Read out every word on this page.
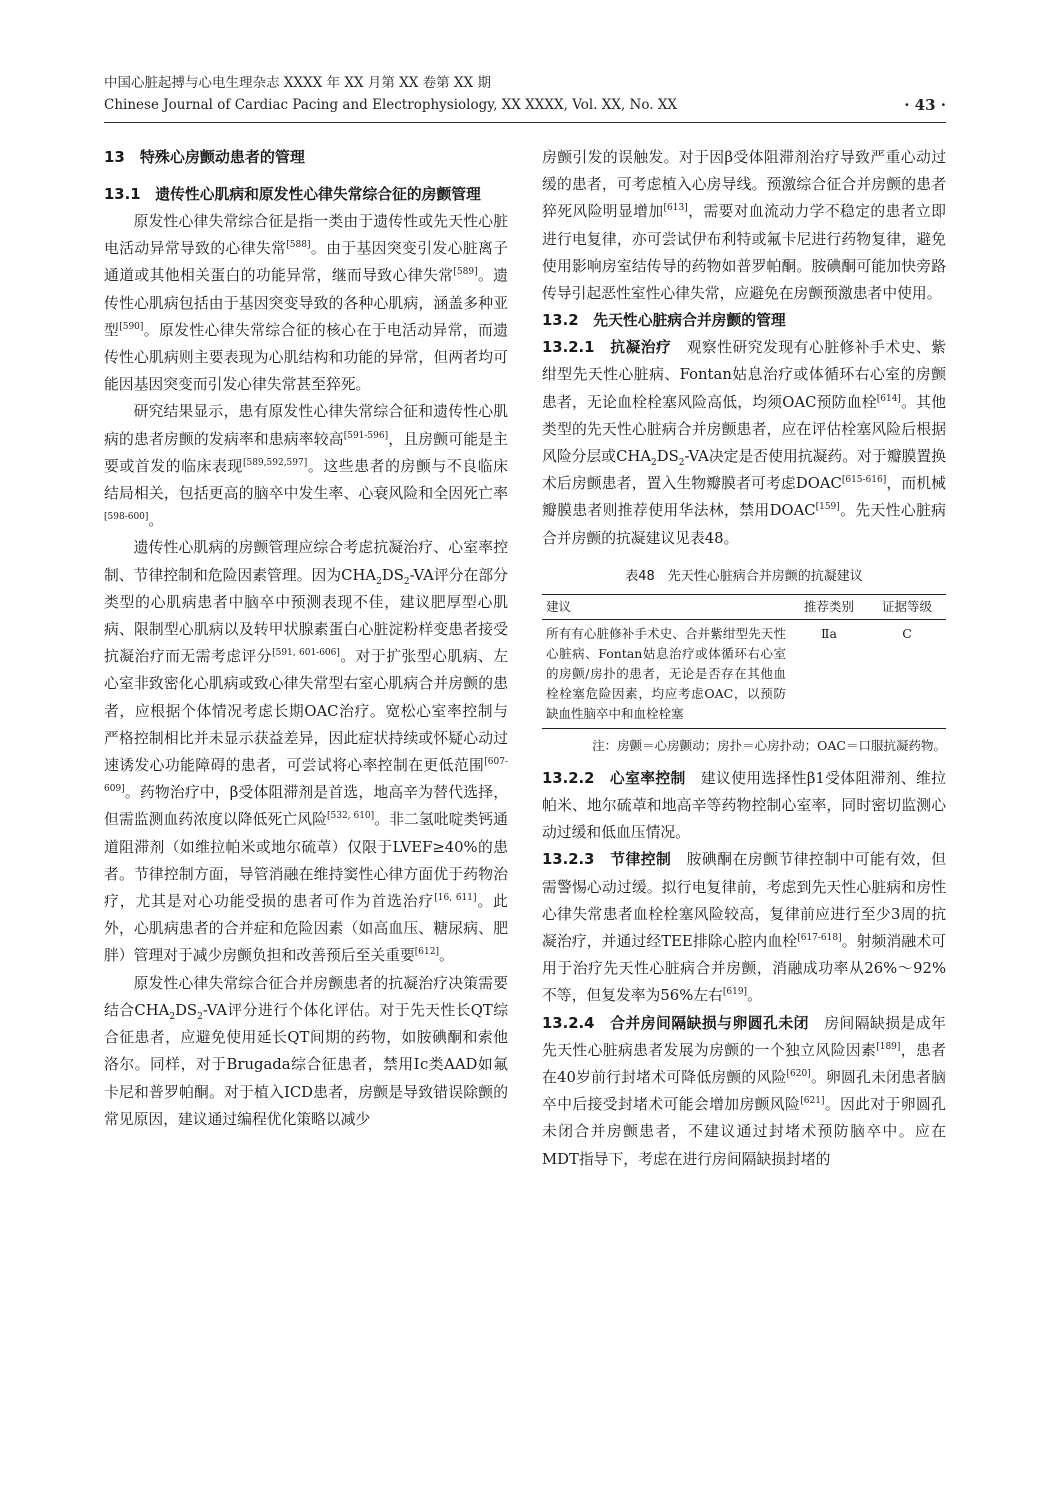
中国心脏起搏与心电生理杂志 XXXX 年 XX 月第 XX 卷第 XX 期
Chinese Journal of Cardiac Pacing and Electrophysiology, XX XXXX, Vol. XX, No. XX	· 43 ·
13　特殊心房颤动患者的管理
13.1　遗传性心肌病和原发性心律失常综合征的房颤管理

原发性心律失常综合征是指一类由于遗传性或先天性心脏电活动异常导致的心律失常[588]。由于基因突变引发心脏离子通道或其他相关蛋白的功能异常，继而导致心律失常[589]。遗传性心肌病包括由于基因突变导致的各种心肌病，涵盖多种亚型[590]。原发性心律失常综合征的核心在于电活动异常，而遗传性心肌病则主要表现为心肌结构和功能的异常，但两者均可能因基因突变而引发心律失常甚至猝死。

研究结果显示，患有原发性心律失常综合征和遗传性心肌病的患者房颤的发病率和患病率较高[591-596]，且房颤可能是主要或首发的临床表现[589,592,597]。这些患者的房颤与不良临床结局相关，包括更高的脑卒中发生率、心衰风险和全因死亡率[598-600]。

遗传性心肌病的房颤管理应综合考虑抗凝治疗、心室率控制、节律控制和危险因素管理。因为$CHA_2DS_2-VA$评分在部分类型的心肌病患者中脑卒中预测表现不佳，建议肥厚型心肌病、限制型心肌病以及转甲状腺素蛋白心脏淀粉样变患者接受抗凝治疗而无需考虑评分[591, 601-606]。对于扩张型心肌病、左心室非致密化心肌病或致心律失常型右室心肌病合并房颤的患者，应根据个体情况考虑长期OAC治疗。宽松心室率控制与严格控制相比并未显示获益差异，因此症状持续或怀疑心动过速诱发心功能障碍的患者，可尝试将心率控制在更低范围[607-609]。药物治疗中，β受体阻滞剂是首选，地高辛为替代选择，但需监测血药浓度以降低死亡风险[532, 610]。非二氢吡啶类钙通道阻滞剂（如维拉帕米或地尔硫䓬）仅限于LVEF≥40%的患者。节律控制方面，导管消融在维持窦性心律方面优于药物治疗，尤其是对心功能受损的患者可作为首选治疗[16, 611]。此外，心肌病患者的合并症和危险因素（如高血压、糖尿病、肥胖）管理对于减少房颤负担和改善预后至关重要[612]。

原发性心律失常综合征合并房颤患者的抗凝治疗决策需要结合$CHA_2DS_2-VA$评分进行个体化评估。对于先天性长QT综合征患者，应避免使用延长QT间期的药物，如胺碘酮和索他洛尔。同样，对于Brugada综合征患者，禁用Ⅰc类AAD如氟卡尼和普罗帕酮。对于植入ICD患者，房颤是导致错误除颤的常见原因，建议通过编程优化策略以减少

房颤引发的误触发。对于因β受体阻滞剂治疗导致严重心动过缓的患者，可考虑植入心房导线。预激综合征合并房颤的患者猝死风险明显增加[613]，需要对血流动力学不稳定的患者立即进行电复律，亦可尝试伊布利特或氟卡尼进行药物复律，避免使用影响房室结传导的药物如普罗帕酮。胺碘酮可能加快旁路传导引起恶性室性心律失常，应避免在房颤预激患者中使用。

13.2　先天性心脏病合并房颤的管理

13.2.1　抗凝治疗　观察性研究发现有心脏修补手术史、紫绀型先天性心脏病、Fontan姑息治疗或体循环右心室的房颤患者，无论血栓栓塞风险高低，均须OAC预防血栓[614]。其他类型的先天性心脏病合并房颤患者，应在评估栓塞风险后根据风险分层或$CHA_2DS_2-VA$决定是否使用抗凝药。对于瓣膜置换术后房颤患者，置入生物瓣膜者可考虑DOAC[615-616]，而机械瓣膜患者则推荐使用华法林，禁用DOAC[159]。先天性心脏病合并房颤的抗凝建议见表48。

表48　先天性心脏病合并房颤的抗凝建议
建议	推荐类别	证据等级
所有有心脏修补手术史、合并紫绀型先天性心脏病、Fontan姑息治疗或体循环右心室的房颤/房扑的患者，无论是否存在其他血栓栓塞危险因素，均应考虑OAC，以预防缺血性脑卒中和血栓栓塞	Ⅱa	C
注：房颤＝心房颤动；房扑＝心房扑动；OAC＝口服抗凝药物。

13.2.2　心室率控制　建议使用选择性β1受体阻滞剂、维拉帕米、地尔硫䓬和地高辛等药物控制心室率，同时密切监测心动过缓和低血压情况。

13.2.3　节律控制　胺碘酮在房颤节律控制中可能有效，但需警惕心动过缓。拟行电复律前，考虑到先天性心脏病和房性心律失常患者血栓栓塞风险较高，复律前应进行至少3周的抗凝治疗，并通过经TEE排除心腔内血栓[617-618]。射频消融术可用于治疗先天性心脏病合并房颤，消融成功率从26%～92%不等，但复发率为56%左右[619]。

13.2.4　合并房间隔缺损与卵圆孔未闭　房间隔缺损是成年先天性心脏病患者发展为房颤的一个独立风险因素[189]，患者在40岁前行封堵术可降低房颤的风险[620]。卵圆孔未闭患者脑卒中后接受封堵术可能会增加房颤风险[621]。因此对于卵圆孔未闭合并房颤患者，不建议通过封堵术预防脑卒中。应在MDT指导下，考虑在进行房间隔缺损封堵的
